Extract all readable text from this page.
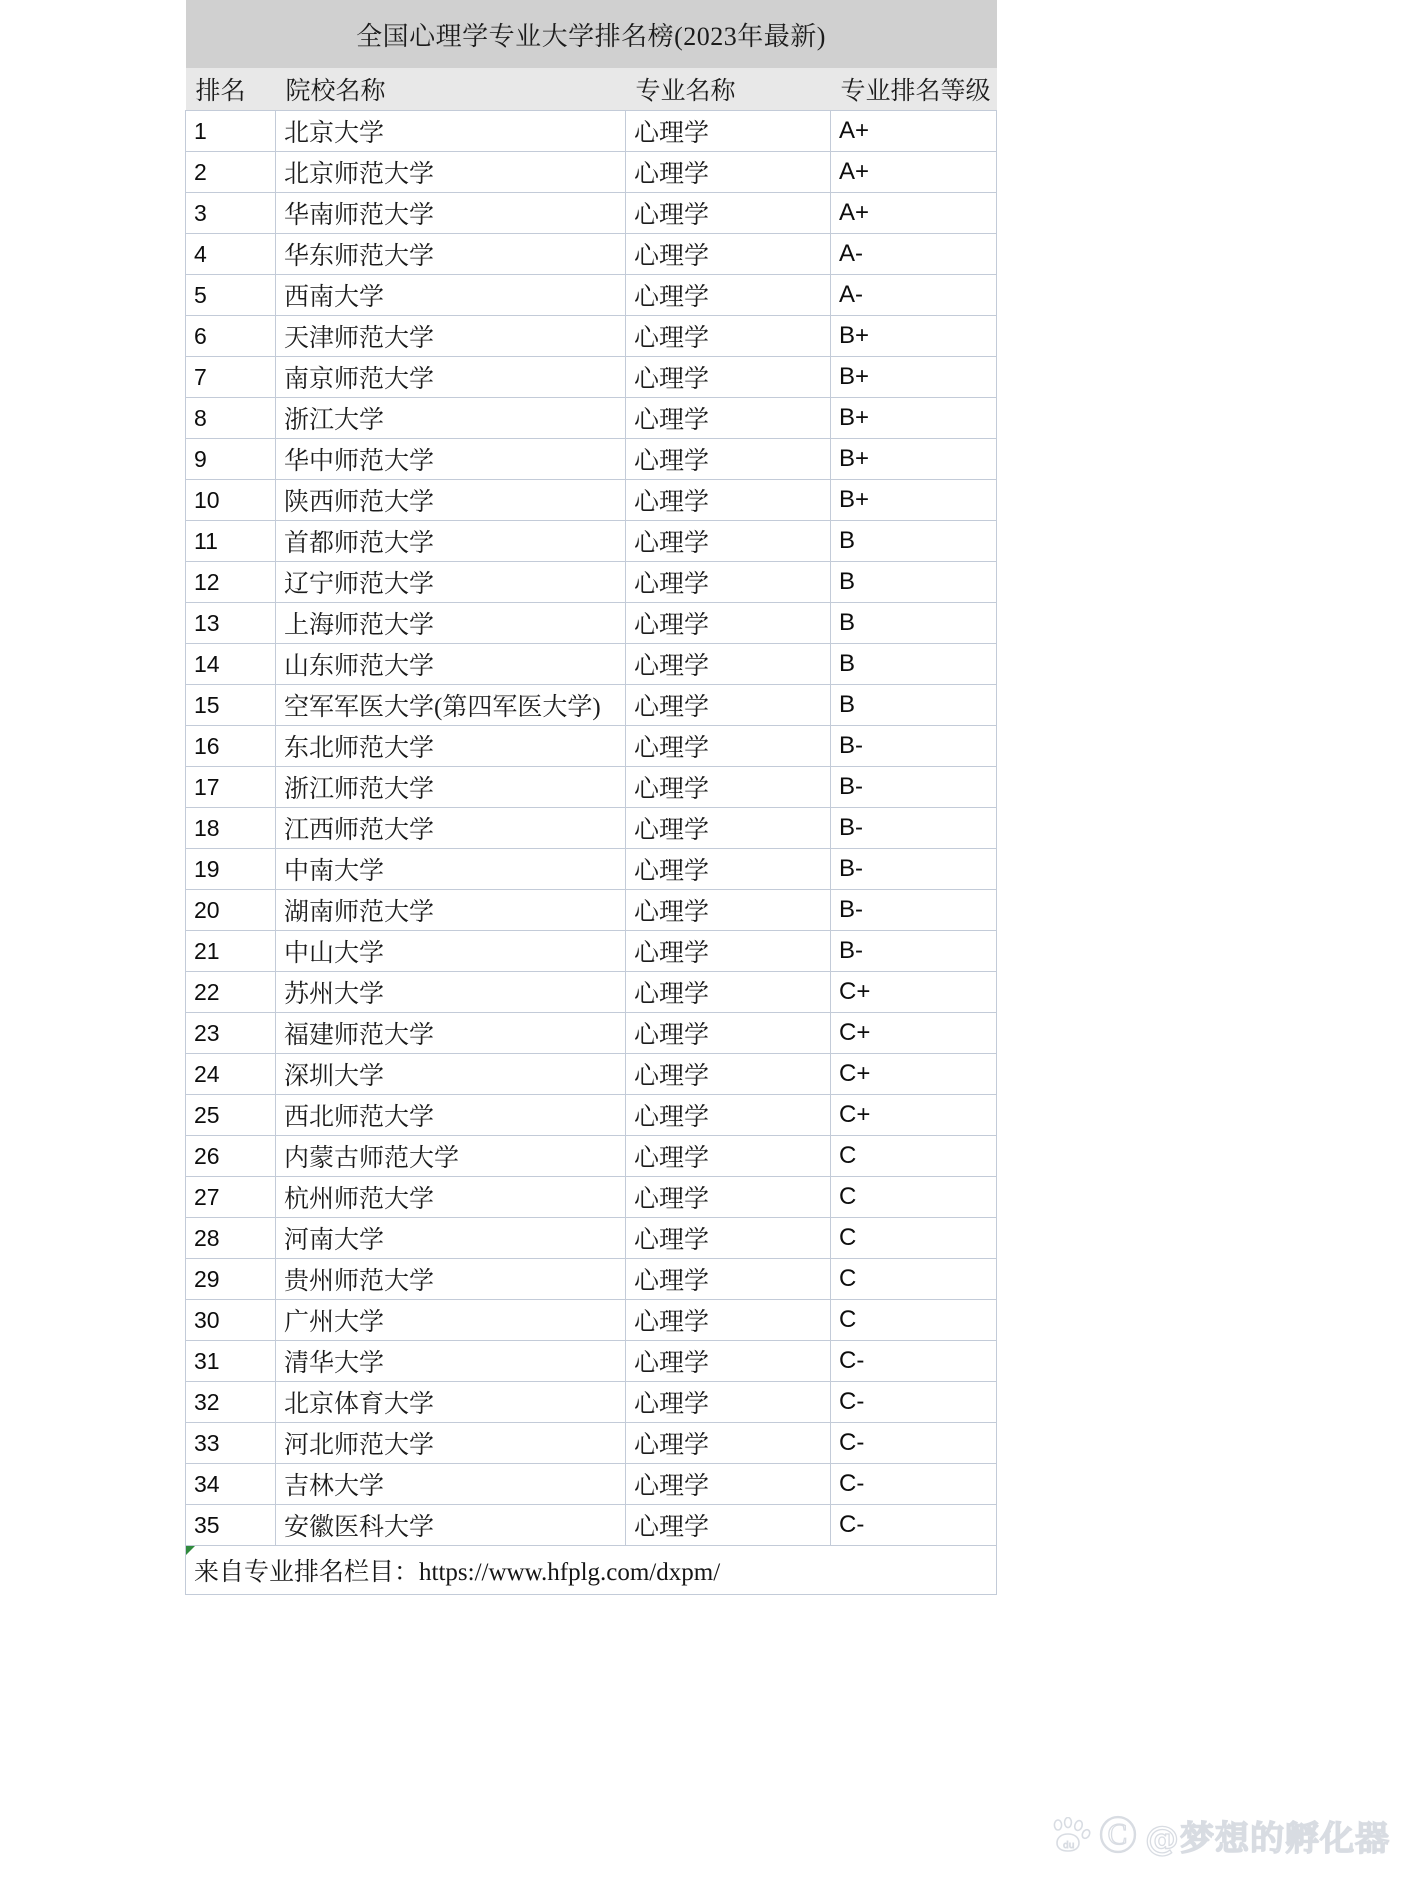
全国心理学专业大学排名榜(2023年最新)			
排名	院校名称	专业名称	专业排名等级
1	北京大学	心理学	A+
2	北京师范大学	心理学	A+
3	华南师范大学	心理学	A+
4	华东师范大学	心理学	A-
5	西南大学	心理学	A-
6	天津师范大学	心理学	B+
7	南京师范大学	心理学	B+
8	浙江大学	心理学	B+
9	华中师范大学	心理学	B+
10	陕西师范大学	心理学	B+
11	首都师范大学	心理学	B
12	辽宁师范大学	心理学	B
13	上海师范大学	心理学	B
14	山东师范大学	心理学	B
15	空军军医大学(第四军医大学)	心理学	B
16	东北师范大学	心理学	B-
17	浙江师范大学	心理学	B-
18	江西师范大学	心理学	B-
19	中南大学	心理学	B-
20	湖南师范大学	心理学	B-
21	中山大学	心理学	B-
22	苏州大学	心理学	C+
23	福建师范大学	心理学	C+
24	深圳大学	心理学	C+
25	西北师范大学	心理学	C+
26	内蒙古师范大学	心理学	C
27	杭州师范大学	心理学	C
28	河南大学	心理学	C
29	贵州师范大学	心理学	C
30	广州大学	心理学	C
31	清华大学	心理学	C-
32	北京体育大学	心理学	C-
33	河北师范大学	心理学	C-
34	吉林大学	心理学	C-
35	安徽医科大学	心理学	C-

来自专业排名栏目：https://www.hfplg.com/dxpm/			
du Ⓒ @梦想的孵化器
